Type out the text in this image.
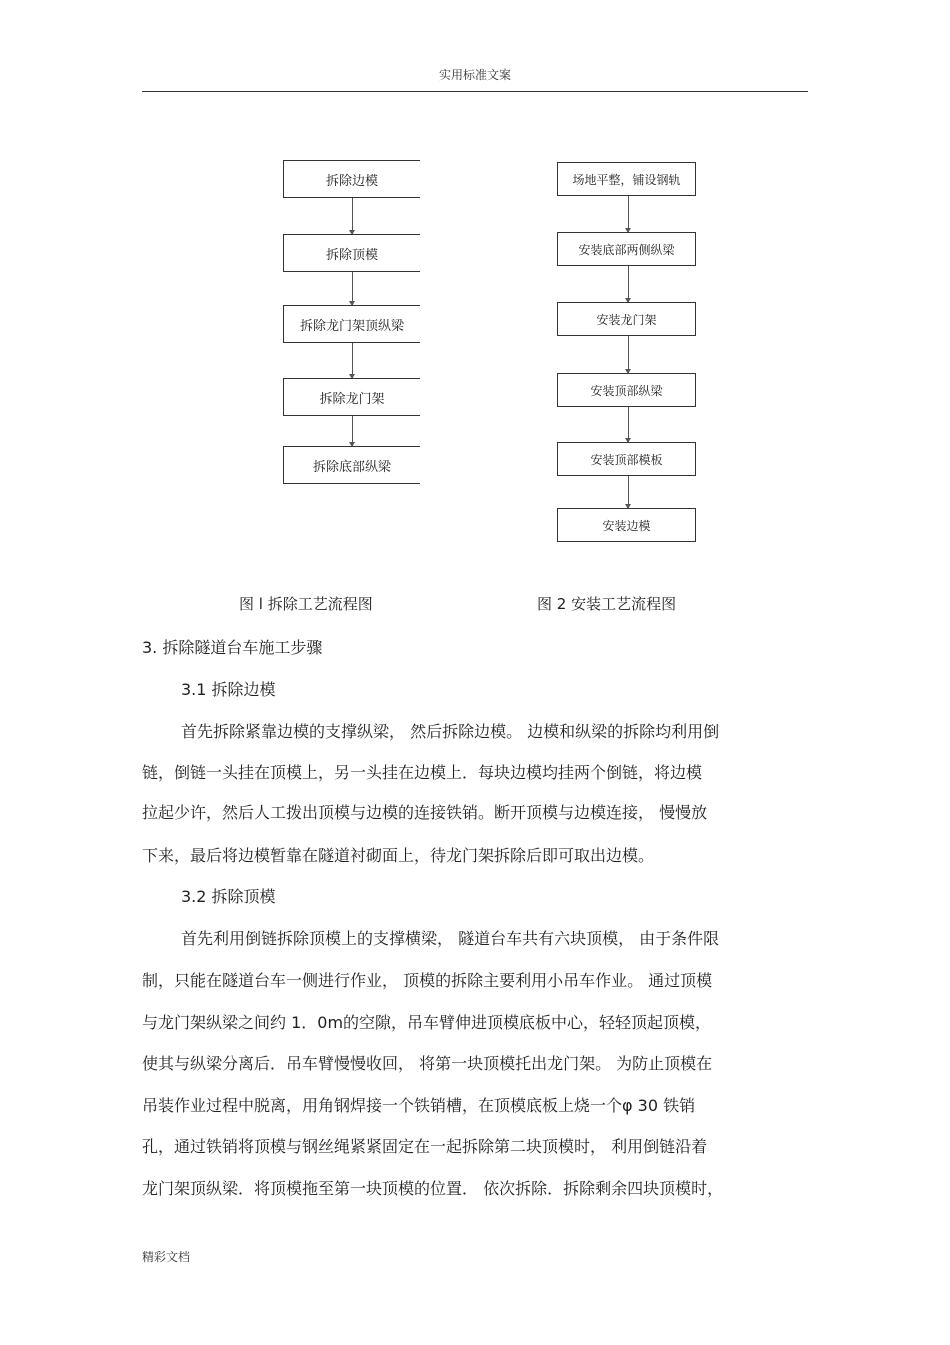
实用标准文案
拆除边模
拆除顶模
拆除龙门架顶纵梁
拆除龙门架
拆除底部纵梁
场地平整，铺设钢轨
安装底部两侧纵梁
安装龙门架
安装顶部纵梁
安装顶部模板
安装边模
图 l 拆除工艺流程图	图 2 安装工艺流程图
3. 拆除隧道台车施工步骤
3.1 拆除边模
首先拆除紧靠边模的支撑纵梁， 然后拆除边模。 边模和纵梁的拆除均利用倒
链，倒链一头挂在顶模上，另一头挂在边模上．每块边模均挂两个倒链，将边模
拉起少许，然后人工拨出顶模与边模的连接铁销。断开顶模与边模连接， 慢慢放
下来，最后将边模暂靠在隧道衬砌面上，待龙门架拆除后即可取出边模。
3.2 拆除顶模
首先利用倒链拆除顶模上的支撑横梁， 隧道台车共有六块顶模， 由于条件限
制，只能在隧道台车一侧进行作业， 顶模的拆除主要利用小吊车作业。 通过顶模
与龙门架纵梁之间约 1．0m的空隙，吊车臂伸进顶模底板中心，轻轻顶起顶模，
使其与纵梁分离后．吊车臂慢慢收回， 将第一块顶模托出龙门架。 为防止顶模在
吊装作业过程中脱离，用角钢焊接一个铁销槽，在顶模底板上烧一个φ 30 铁销
孔，通过铁销将顶模与钢丝绳紧紧固定在一起拆除第二块顶模时， 利用倒链沿着
龙门架顶纵梁．将顶模拖至第一块顶模的位置． 依次拆除．拆除剩余四块顶模时，
精彩文档
